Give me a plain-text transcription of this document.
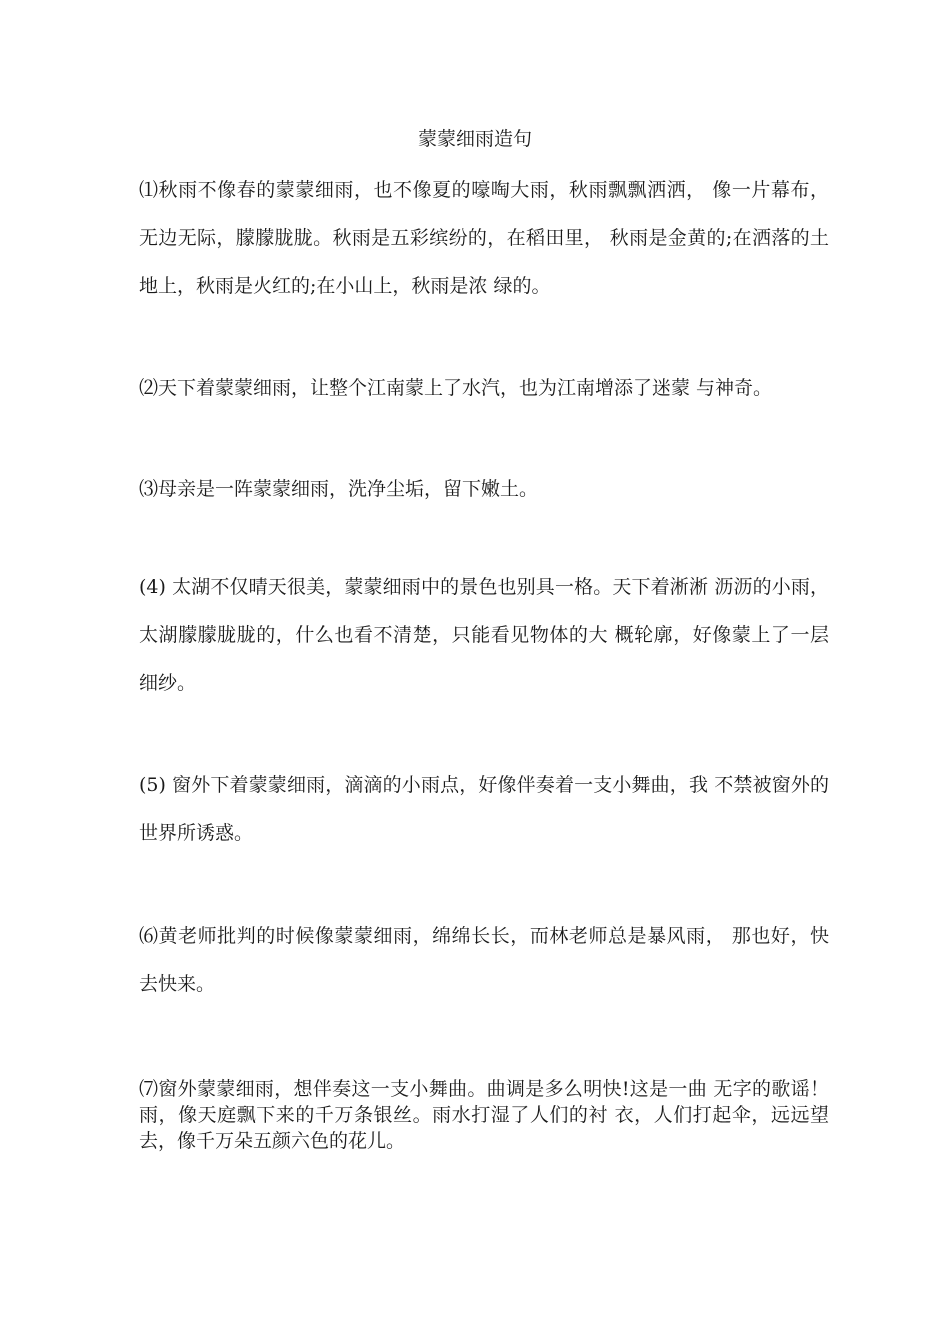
蒙蒙细雨造句

⑴秋雨不像春的蒙蒙细雨，也不像夏的嚎啕大雨，秋雨飘飘洒洒， 像一片幕布，无边无际，朦朦胧胧。秋雨是五彩缤纷的，在稻田里， 秋雨是金黄的;在洒落的土地上，秋雨是火红的;在小山上，秋雨是浓 绿的。

⑵天下着蒙蒙细雨，让整个江南蒙上了水汽，也为江南增添了迷蒙 与神奇。

⑶母亲是一阵蒙蒙细雨，洗净尘垢，留下嫩土。

(4) 太湖不仅晴天很美，蒙蒙细雨中的景色也别具一格。天下着淅淅 沥沥的小雨，太湖朦朦胧胧的，什么也看不清楚，只能看见物体的大 概轮廓，好像蒙上了一层细纱。

(5) 窗外下着蒙蒙细雨，滴滴的小雨点，好像伴奏着一支小舞曲，我 不禁被窗外的世界所诱惑。

⑹黄老师批判的时候像蒙蒙细雨，绵绵长长，而林老师总是暴风雨， 那也好，快去快来。

⑺窗外蒙蒙细雨，想伴奏这一支小舞曲。曲调是多么明快!这是一曲 无字的歌谣！雨，像天庭飘下来的千万条银丝。雨水打湿了人们的衬 衣，人们打起伞，远远望去，像千万朵五颜六色的花儿。
